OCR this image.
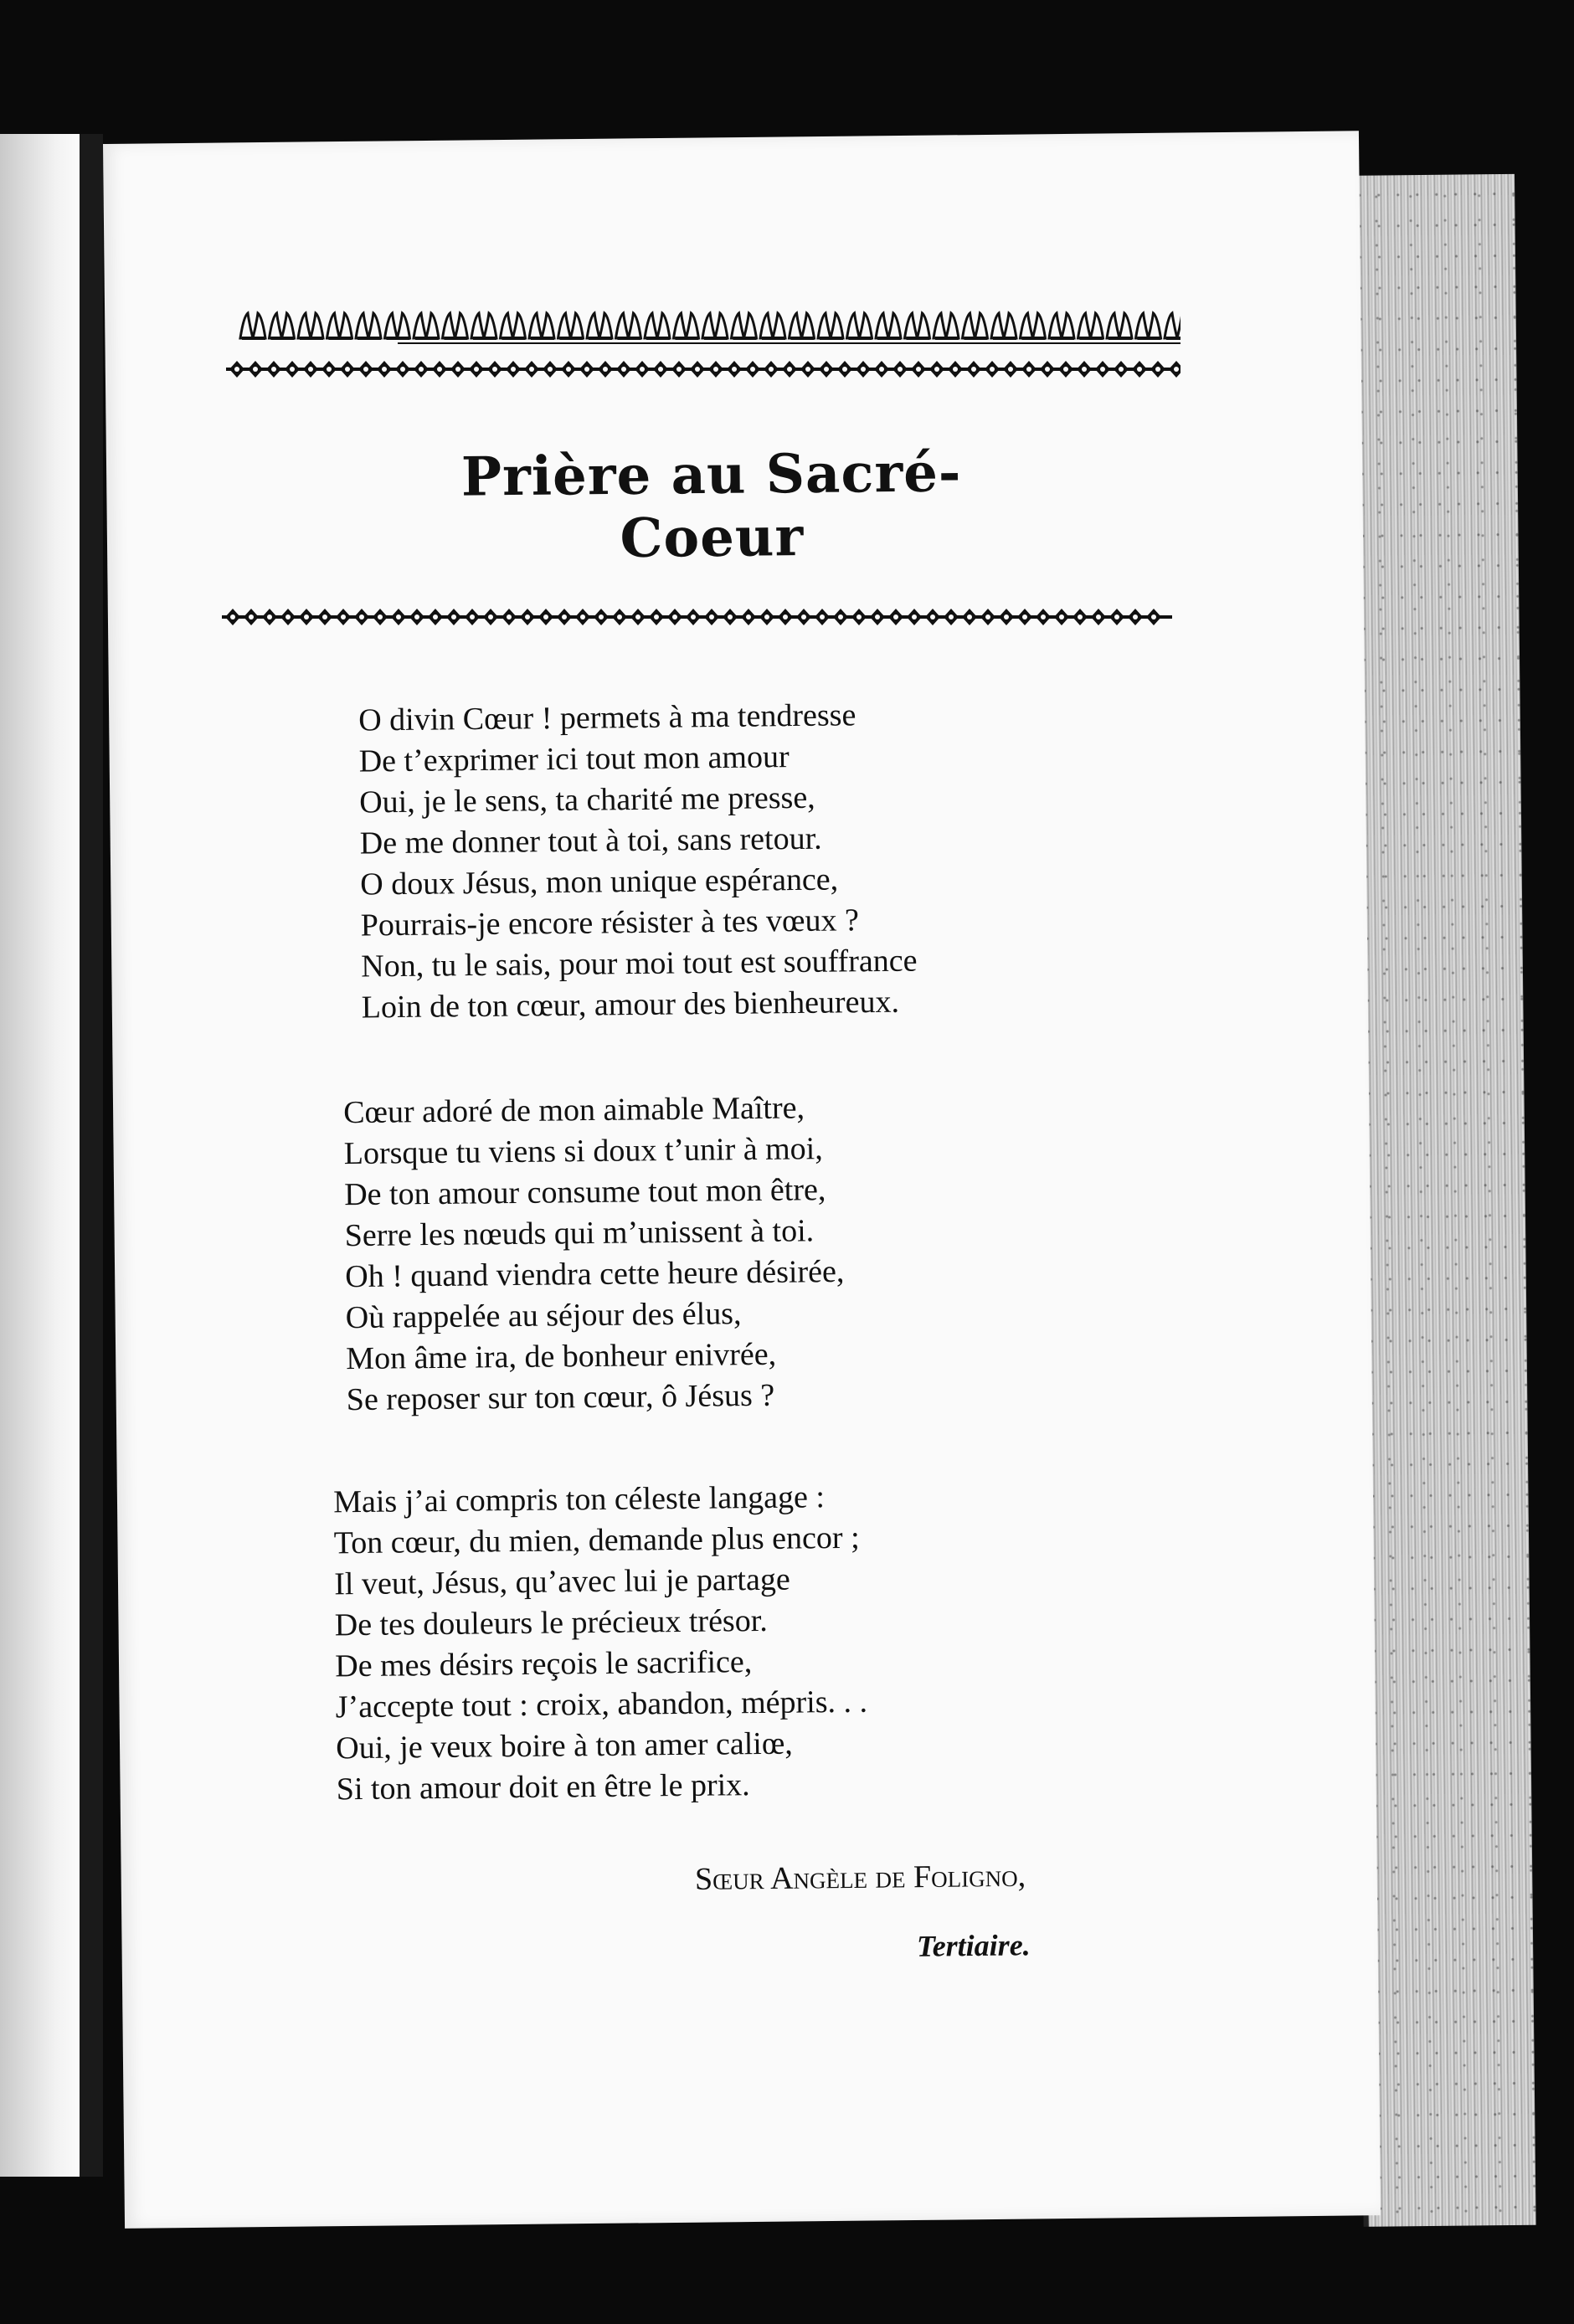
Prière au Sacré-Coeur
O divin Cœur ! permets à ma tendresse
De t’exprimer ici tout mon amour
Oui, je le sens, ta charité me presse,
De me donner tout à toi, sans retour.
O doux Jésus, mon unique espérance,
Pourrais-je encore résister à tes vœux ?
Non, tu le sais, pour moi tout est souffrance
Loin de ton cœur, amour des bienheureux.
Cœur adoré de mon aimable Maître,
Lorsque tu viens si doux t’unir à moi,
De ton amour consume tout mon être,
Serre les nœuds qui m’unissent à toi.
Oh ! quand viendra cette heure désirée,
Où rappelée au séjour des élus,
Mon âme ira, de bonheur enivrée,
Se reposer sur ton cœur, ô Jésus ?
Mais j’ai compris ton céleste langage :
Ton cœur, du mien, demande plus encor ;
Il veut, Jésus, qu’avec lui je partage
De tes douleurs le précieux trésor.
De mes désirs reçois le sacrifice,
J’accepte tout : croix, abandon, mépris. . .
Oui, je veux boire à ton amer caliœ,
Si ton amour doit en être le prix.
Sœur Angèle de Foligno,
Tertiaire.
